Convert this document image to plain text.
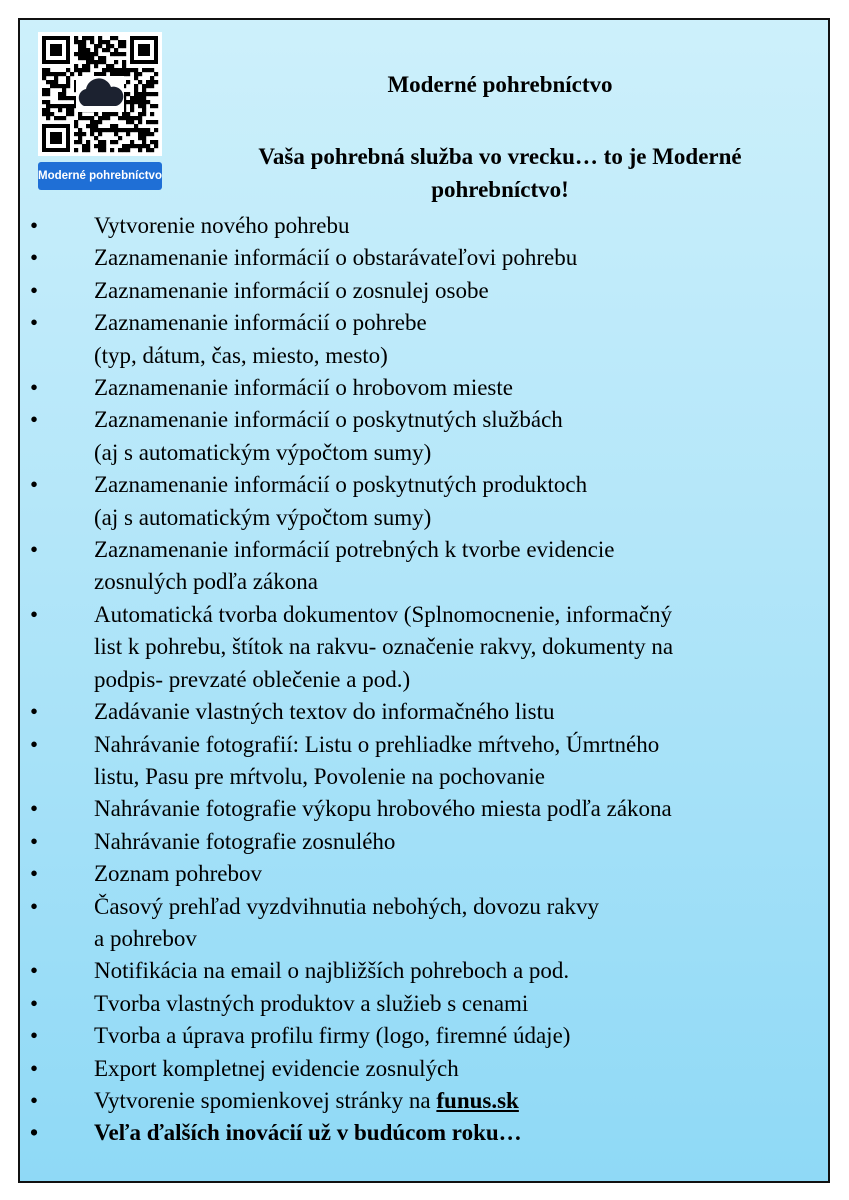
Moderné pohrebníctvo
Moderné pohrebníctvo
Vaša pohrebná služba vo vrecku… to je Moderné
pohrebníctvo!
• Vytvorenie nového pohrebu
• Zaznamenanie informácií o obstarávateľovi pohrebu
• Zaznamenanie informácií o zosnulej osobe
• Zaznamenanie informácií o pohrebe
(typ, dátum, čas, miesto, mesto)
• Zaznamenanie informácií o hrobovom mieste
• Zaznamenanie informácií o poskytnutých službách
(aj s automatickým výpočtom sumy)
• Zaznamenanie informácií o poskytnutých produktoch
(aj s automatickým výpočtom sumy)
• Zaznamenanie informácií potrebných k tvorbe evidencie
zosnulých podľa zákona
• Automatická tvorba dokumentov (Splnomocnenie, informačný
list k pohrebu, štítok na rakvu- označenie rakvy, dokumenty na
podpis- prevzaté oblečenie a pod.)
• Zadávanie vlastných textov do informačného listu
• Nahrávanie fotografií: Listu o prehliadke mŕtveho, Úmrtného
listu, Pasu pre mŕtvolu, Povolenie na pochovanie
• Nahrávanie fotografie výkopu hrobového miesta podľa zákona
• Nahrávanie fotografie zosnulého
• Zoznam pohrebov
• Časový prehľad vyzdvihnutia nebohých, dovozu rakvy
a pohrebov
• Notifikácia na email o najbližších pohreboch a pod.
• Tvorba vlastných produktov a služieb s cenami
• Tvorba a úprava profilu firmy (logo, firemné údaje)
• Export kompletnej evidencie zosnulých
• Vytvorenie spomienkovej stránky na funus.sk
• Veľa ďalších inovácií už v budúcom roku…
